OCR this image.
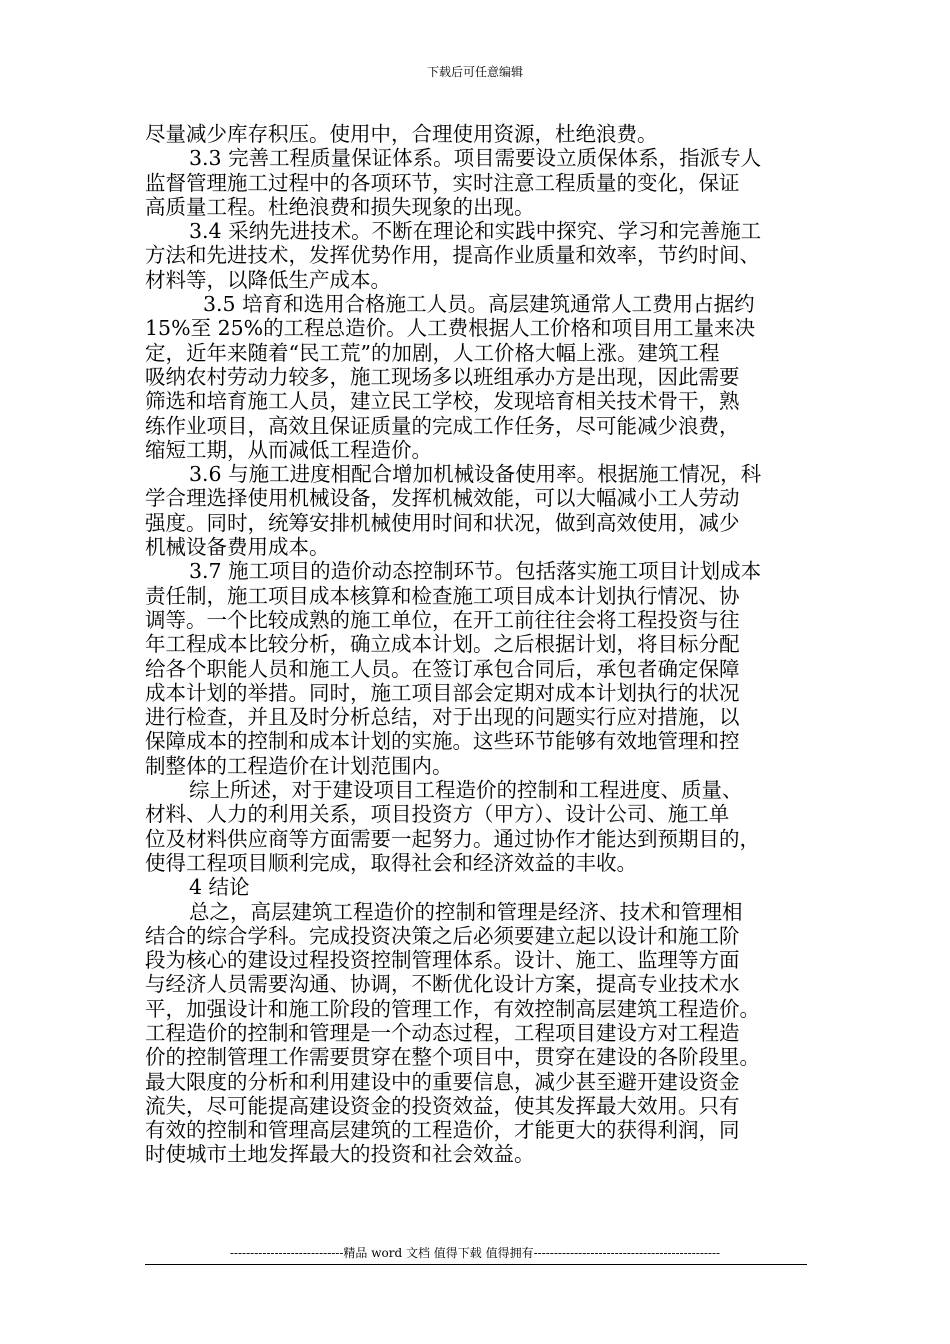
下载后可任意编辑
尽量减少库存积压。使用中，合理使用资源，杜绝浪费。
3.3 完善工程质量保证体系。项目需要设立质保体系，指派专人
监督管理施工过程中的各项环节，实时注意工程质量的变化，保证
高质量工程。杜绝浪费和损失现象的出现。
3.4 采纳先进技术。不断在理论和实践中探究、学习和完善施工
方法和先进技术，发挥优势作用，提高作业质量和效率，节约时间、
材料等，以降低生产成本。
3.5 培育和选用合格施工人员。高层建筑通常人工费用占据约
15%至 25%的工程总造价。人工费根据人工价格和项目用工量来决
定，近年来随着“民工荒”的加剧，人工价格大幅上涨。建筑工程
吸纳农村劳动力较多，施工现场多以班组承办方是出现，因此需要
筛选和培育施工人员，建立民工学校，发现培育相关技术骨干，熟
练作业项目，高效且保证质量的完成工作任务，尽可能减少浪费，
缩短工期，从而减低工程造价。
3.6 与施工进度相配合增加机械设备使用率。根据施工情况，科
学合理选择使用机械设备，发挥机械效能，可以大幅减小工人劳动
强度。同时，统筹安排机械使用时间和状况，做到高效使用，减少
机械设备费用成本。
3.7 施工项目的造价动态控制环节。包括落实施工项目计划成本
责任制，施工项目成本核算和检查施工项目成本计划执行情况、协
调等。一个比较成熟的施工单位，在开工前往往会将工程投资与往
年工程成本比较分析，确立成本计划。之后根据计划，将目标分配
给各个职能人员和施工人员。在签订承包合同后，承包者确定保障
成本计划的举措。同时，施工项目部会定期对成本计划执行的状况
进行检查，并且及时分析总结，对于出现的问题实行应对措施，以
保障成本的控制和成本计划的实施。这些环节能够有效地管理和控
制整体的工程造价在计划范围内。
综上所述，对于建设项目工程造价的控制和工程进度、质量、
材料、人力的利用关系，项目投资方（甲方）、设计公司、施工单
位及材料供应商等方面需要一起努力。通过协作才能达到预期目的，
使得工程项目顺利完成，取得社会和经济效益的丰收。
4 结论
总之，高层建筑工程造价的控制和管理是经济、技术和管理相
结合的综合学科。完成投资决策之后必须要建立起以设计和施工阶
段为核心的建设过程投资控制管理体系。设计、施工、监理等方面
与经济人员需要沟通、协调，不断优化设计方案，提高专业技术水
平，加强设计和施工阶段的管理工作，有效控制高层建筑工程造价。
工程造价的控制和管理是一个动态过程，工程项目建设方对工程造
价的控制管理工作需要贯穿在整个项目中，贯穿在建设的各阶段里。
最大限度的分析和利用建设中的重要信息，减少甚至避开建设资金
流失，尽可能提高建设资金的投资效益，使其发挥最大效用。只有
有效的控制和管理高层建筑的工程造价，才能更大的获得利润，同
时使城市土地发挥最大的投资和社会效益。
----------------------------精品 word 文档 值得下载 值得拥有----------------------------------------------
